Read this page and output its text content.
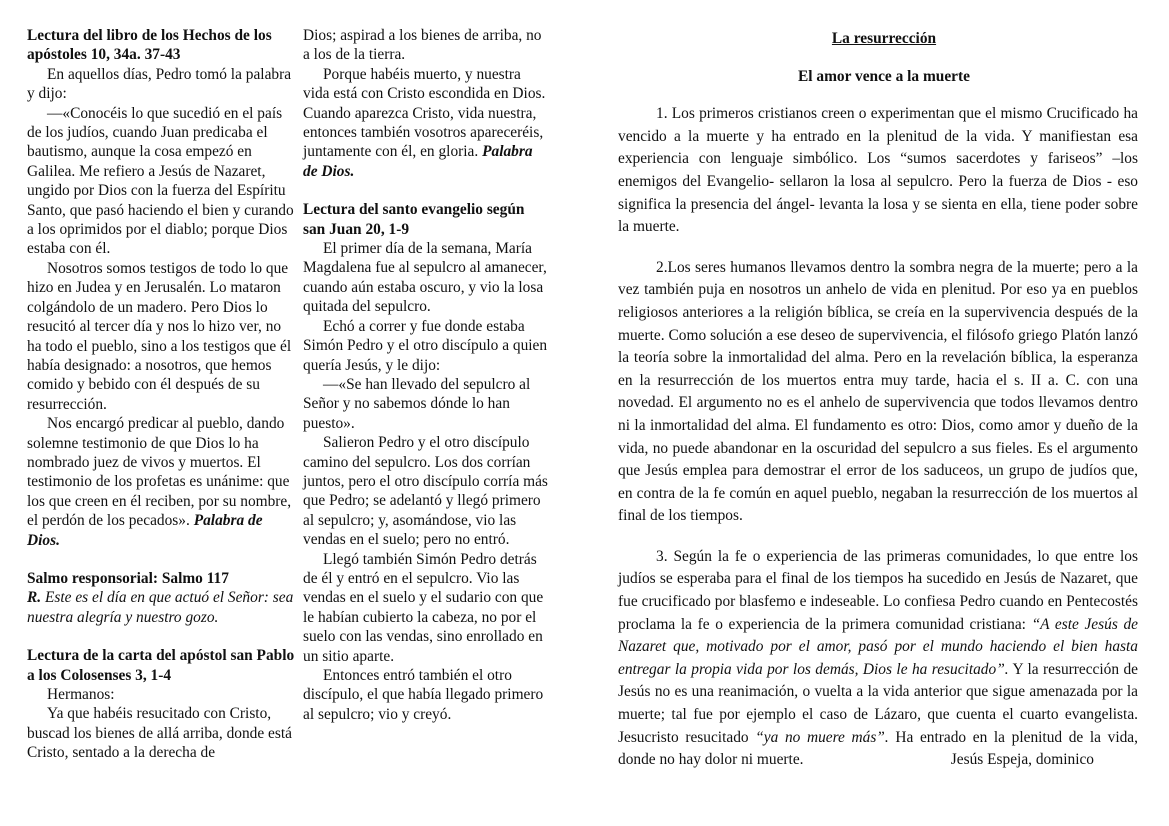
Lectura del libro de los Hechos de los apóstoles 10, 34a. 37-43
En aquellos días, Pedro tomó la palabra y dijo:
—«Conocéis lo que sucedió en el país de los judíos, cuando Juan predicaba el bautismo, aunque la cosa empezó en Galilea. Me refiero a Jesús de Nazaret, ungido por Dios con la fuerza del Espíritu Santo, que pasó haciendo el bien y curando a los oprimidos por el diablo; porque Dios estaba con él.
Nosotros somos testigos de todo lo que hizo en Judea y en Jerusalén. Lo mataron colgándolo de un madero. Pero Dios lo resucitó al tercer día y nos lo hizo ver, no ha todo el pueblo, sino a los testigos que él había designado: a nosotros, que hemos comido y bebido con él después de su resurrección.
Nos encargó predicar al pueblo, dando solemne testimonio de que Dios lo ha nombrado juez de vivos y muertos. El testimonio de los profetas es unánime: que los que creen en él reciben, por su nombre, el perdón de los pecados». Palabra de Dios.
Salmo responsorial: Salmo 117
R. Este es el día en que actuó el Señor: sea nuestra alegría y nuestro gozo.
Lectura de la carta del apóstol san Pablo a los Colosenses 3, 1-4
Hermanos:
Ya que habéis resucitado con Cristo, buscad los bienes de allá arriba, donde está Cristo, sentado a la derecha de
Dios; aspirad a los bienes de arriba, no a los de la tierra.
Porque habéis muerto, y nuestra vida está con Cristo escondida en Dios. Cuando aparezca Cristo, vida nuestra, entonces también vosotros apareceréis, juntamente con él, en gloria. Palabra de Dios.
Lectura del santo evangelio según san Juan 20, 1-9
El primer día de la semana, María Magdalena fue al sepulcro al amanecer, cuando aún estaba oscuro, y vio la losa quitada del sepulcro.
Echó a correr y fue donde estaba Simón Pedro y el otro discípulo a quien quería Jesús, y le dijo:
—«Se han llevado del sepulcro al Señor y no sabemos dónde lo han puesto».
Salieron Pedro y el otro discípulo camino del sepulcro. Los dos corrían juntos, pero el otro discípulo corría más que Pedro; se adelantó y llegó primero al sepulcro; y, asomándose, vio las vendas en el suelo; pero no entró.
Llegó también Simón Pedro detrás de él y entró en el sepulcro. Vio las vendas en el suelo y el sudario con que le habían cubierto la cabeza, no por el suelo con las vendas, sino enrollado en un sitio aparte.
Entonces entró también el otro discípulo, el que había llegado primero al sepulcro; vio y creyó.
La resurrección
El amor vence a la muerte
1. Los primeros cristianos creen o experimentan que el mismo Crucificado ha vencido a la muerte y ha entrado en la plenitud de la vida. Y manifiestan esa experiencia con lenguaje simbólico. Los “sumos sacerdotes y fariseos” –los enemigos del Evangelio- sellaron la losa al sepulcro. Pero la fuerza de Dios - eso significa la presencia del ángel- levanta la losa y se sienta en ella, tiene poder sobre la muerte.
2.Los seres humanos llevamos dentro la sombra negra de la muerte; pero a la vez también puja en nosotros un anhelo de vida en plenitud. Por eso ya en pueblos religiosos anteriores a la religión bíblica, se creía en la supervivencia después de la muerte. Como solución a ese deseo de supervivencia, el filósofo griego Platón lanzó la teoría sobre la inmortalidad del alma. Pero en la revelación bíblica, la esperanza en la resurrección de los muertos entra muy tarde, hacia el s. II a. C. con una novedad. El argumento no es el anhelo de supervivencia que todos llevamos dentro ni la inmortalidad del alma. El fundamento es otro: Dios, como amor y dueño de la vida, no puede abandonar en la oscuridad del sepulcro a sus fieles. Es el argumento que Jesús emplea para demostrar el error de los saduceos, un grupo de judíos que, en contra de la fe común en aquel pueblo, negaban la resurrección de los muertos al final de los tiempos.
3. Según la fe o experiencia de las primeras comunidades, lo que entre los judíos se esperaba para el final de los tiempos ha sucedido en Jesús de Nazaret, que fue crucificado por blasfemo e indeseable. Lo confiesa Pedro cuando en Pentecostés proclama la fe o experiencia de la primera comunidad cristiana: “A este Jesús de Nazaret que, motivado por el amor, pasó por el mundo haciendo el bien hasta entregar la propia vida por los demás, Dios le ha resucitado”. Y la resurrección de Jesús no es una reanimación, o vuelta a la vida anterior que sigue amenazada por la muerte; tal fue por ejemplo el caso de Lázaro, que cuenta el cuarto evangelista. Jesucristo resucitado “ya no muere más”. Ha entrado en la plenitud de la vida, donde no hay dolor ni muerte.	Jesús Espeja, dominico
